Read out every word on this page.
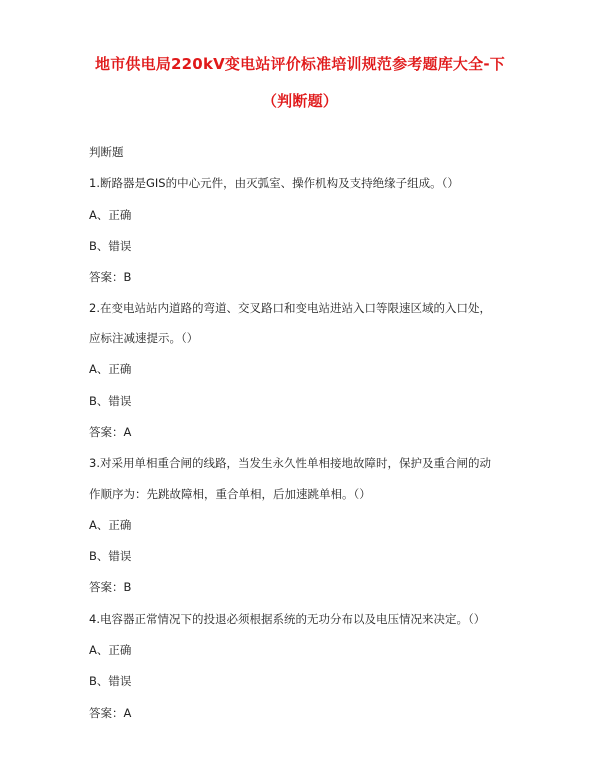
地市供电局220kV变电站评价标准培训规范参考题库大全-下
（判断题）
判断题
1.断路器是GIS的中心元件，由灭弧室、操作机构及支持绝缘子组成。（）
A、正确
B、错误
答案：B
2.在变电站站内道路的弯道、交叉路口和变电站进站入口等限速区域的入口处，
应标注减速提示。（）
A、正确
B、错误
答案：A
3.对采用单相重合闸的线路，当发生永久性单相接地故障时，保护及重合闸的动
作顺序为：先跳故障相，重合单相，后加速跳单相。（）
A、正确
B、错误
答案：B
4.电容器正常情况下的投退必须根据系统的无功分布以及电压情况来决定。（）
A、正确
B、错误
答案：A
